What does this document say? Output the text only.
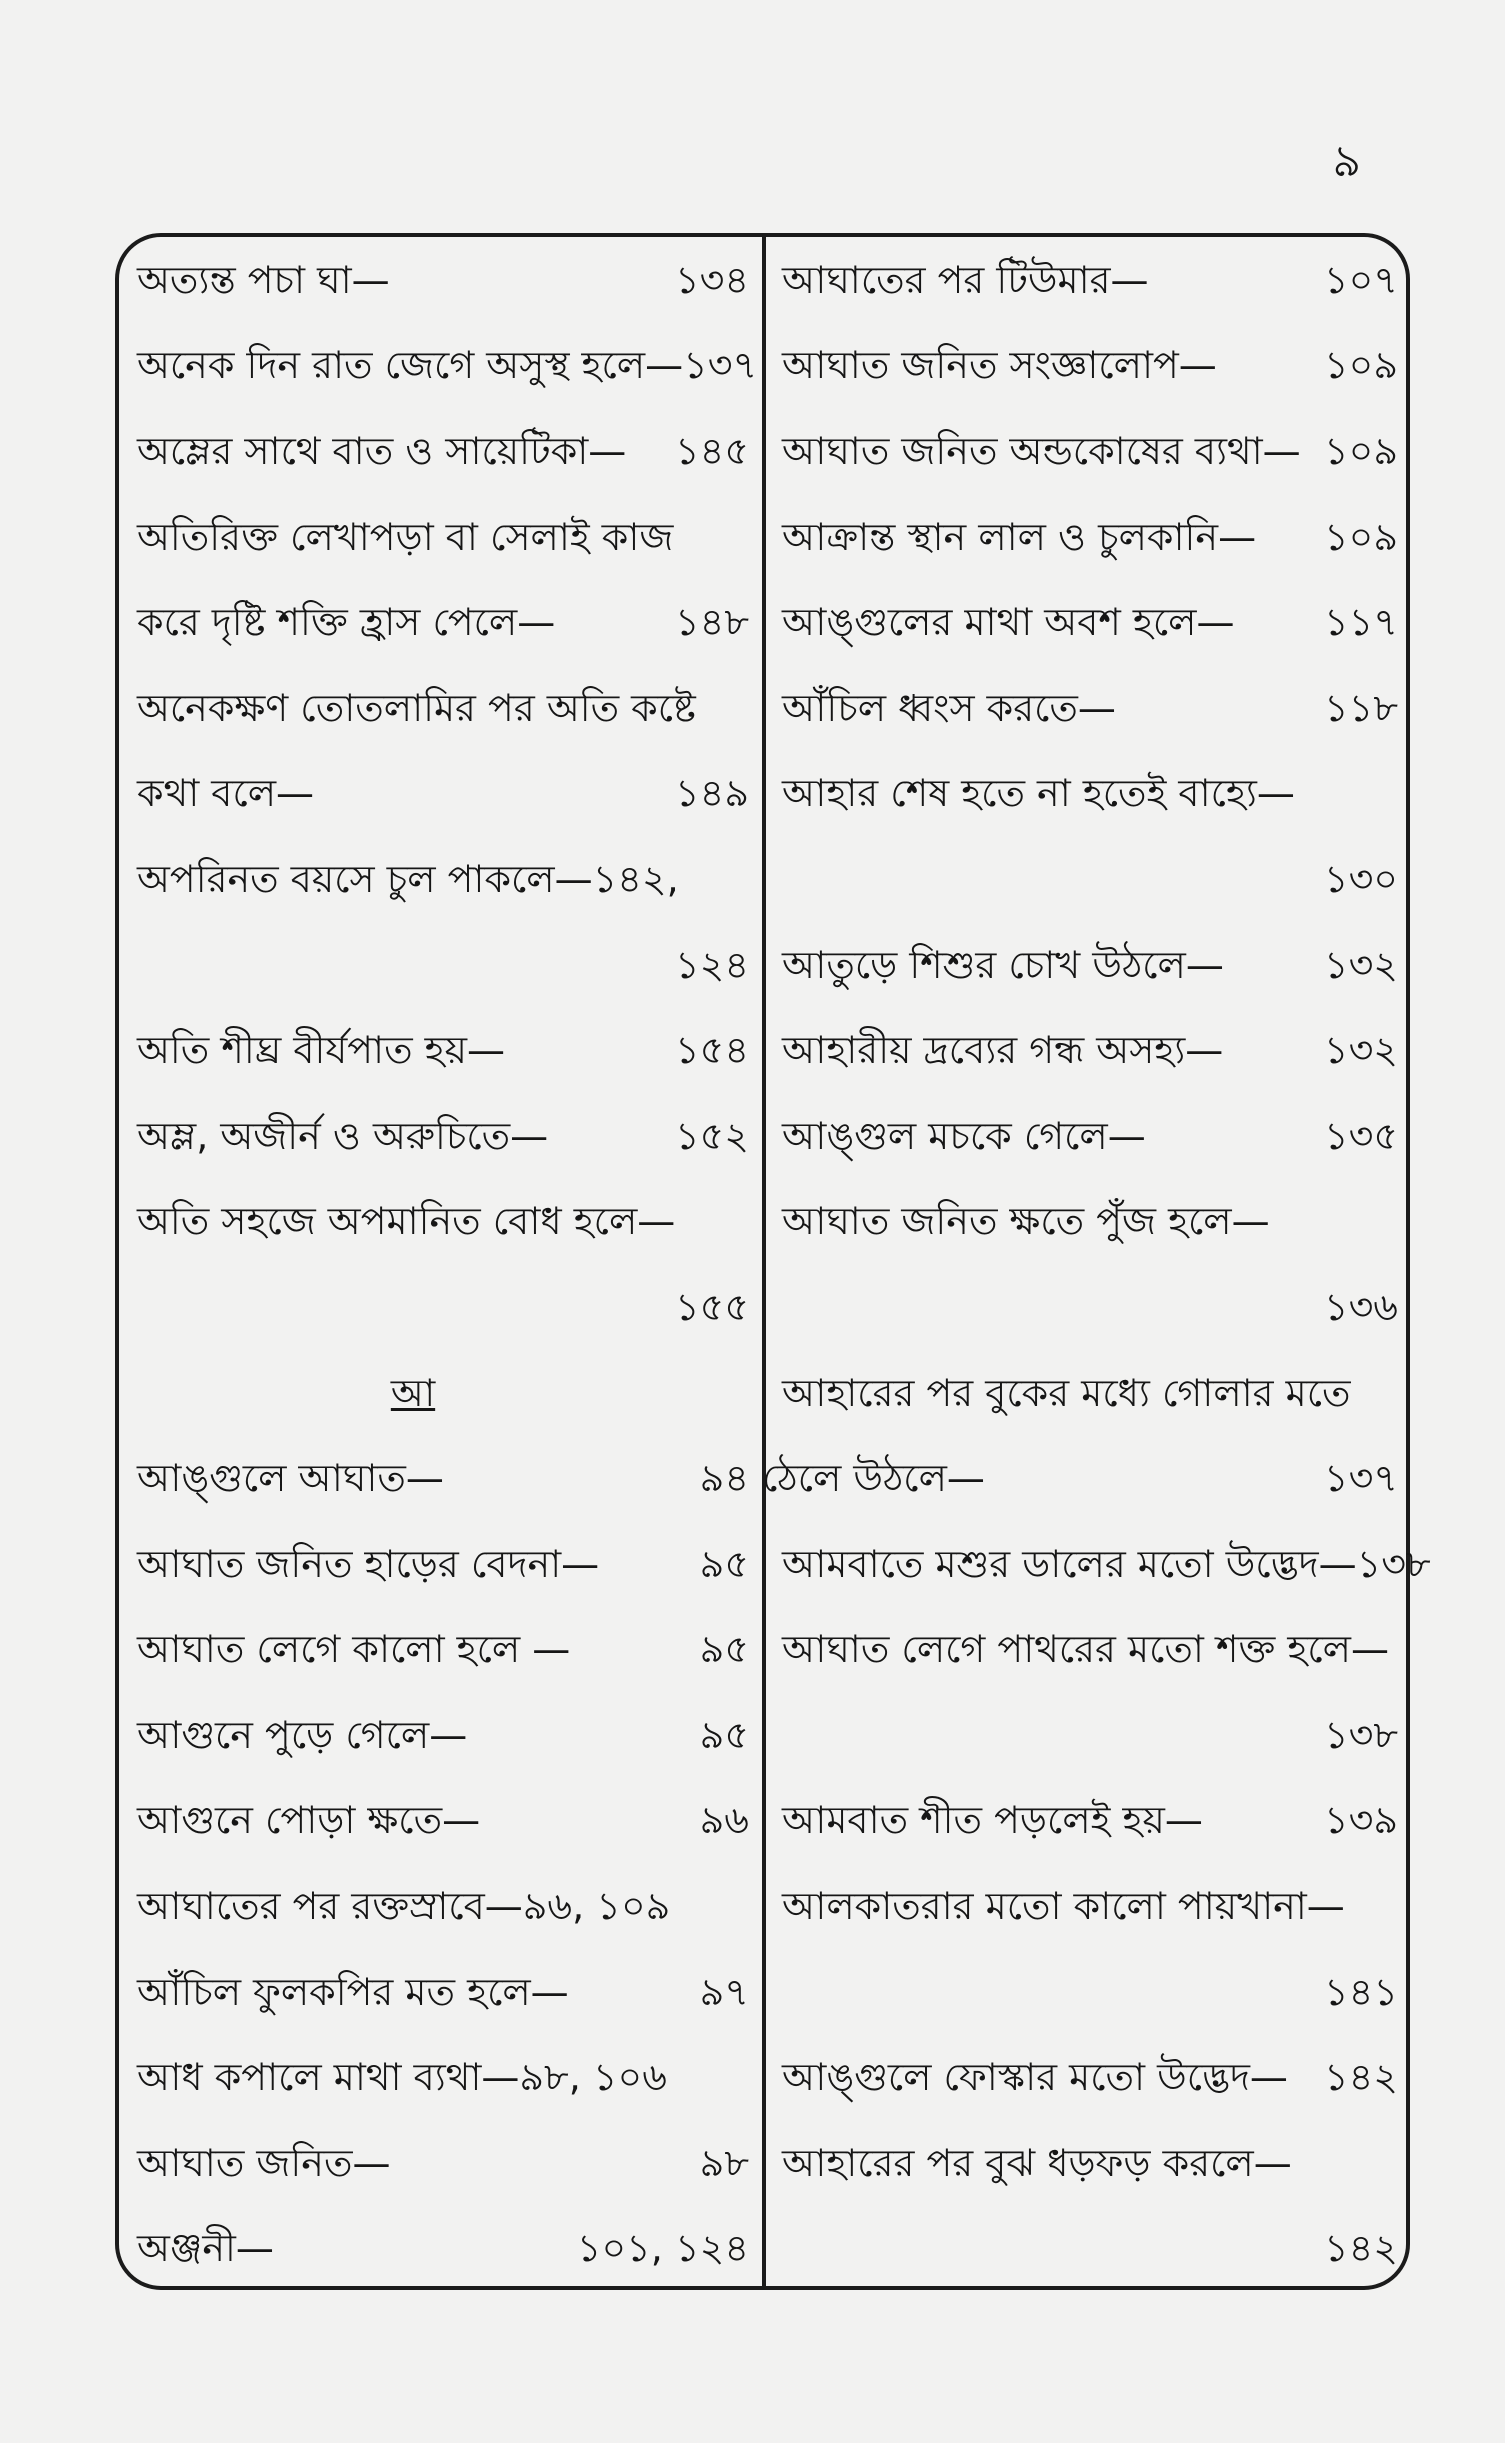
৯
অত্যন্ত পচা ঘা—	১৩৪
অনেক দিন রাত জেগে অসুস্থ হলে— ১৩৭
অম্লের সাথে বাত ও সায়েটিকা— ১৪৫
অতিরিক্ত লেখাপড়া বা সেলাই কাজ
করে দৃষ্টি শক্তি হ্রাস পেলে—	১৪৮
অনেকক্ষণ তোতলামির পর অতি কষ্টে
কথা বলে—	১৪৯
অপরিনত বয়সে চুল পাকলে—১৪২,
১২৪
অতি শীঘ্র বীর্যপাত হয়—	১৫৪
অম্ল, অজীর্ন ও অরুচিতে—	১৫২
অতি সহজে অপমানিত বোধ হলে—
১৫৫
আ
আঙ্গুলে আঘাত—	৯৪
আঘাত জনিত হাড়ের বেদনা—	৯৫
আঘাত লেগে কালো হলে —	৯৫
আগুনে পুড়ে গেলে—	৯৫
আগুনে পোড়া ক্ষতে—	৯৬
আঘাতের পর রক্তস্রাবে—৯৬, ১০৯
আঁচিল ফুলকপির মত হলে—	৯৭
আধ কপালে মাথা ব্যথা—৯৮, ১০৬
আঘাত জনিত—	৯৮
অঞ্জনী—	১০১, ১২৪
আঘাতের পর টিউমার—	১০৭
আঘাত জনিত সংজ্ঞালোপ—	১০৯
আঘাত জনিত অন্ডকোষের ব্যথা— ১০৯
আক্রান্ত স্থান লাল ও চুলকানি— ১০৯
আঙ্গুলের মাথা অবশ হলে— ১১৭
আঁচিল ধ্বংস করতে—	১১৮
আহার শেষ হতে না হতেই বাহ্যে—
১৩০
আতুড়ে শিশুর চোখ উঠলে—	১৩২
আহারীয় দ্রব্যের গন্ধ অসহ্য—	১৩২
আঙ্গুল মচকে গেলে—	১৩৫
আঘাত জনিত ক্ষতে পুঁজ হলে—
১৩৬
আহারের পর বুকের মধ্যে গোলার মতে
ঠেলে উঠলে—	১৩৭
আমবাতে মশুর ডালের মতো উদ্ভেদ— ১৩৮
আঘাত লেগে পাথরের মতো শক্ত হলে—
১৩৮
আমবাত শীত পড়লেই হয়—	১৩৯
আলকাতরার মতো কালো পায়খানা—
১৪১
আঙ্গুলে ফোস্কার মতো উদ্ভেদ— ১৪২
আহারের পর বুঝ ধড়ফড় করলে—
১৪২
